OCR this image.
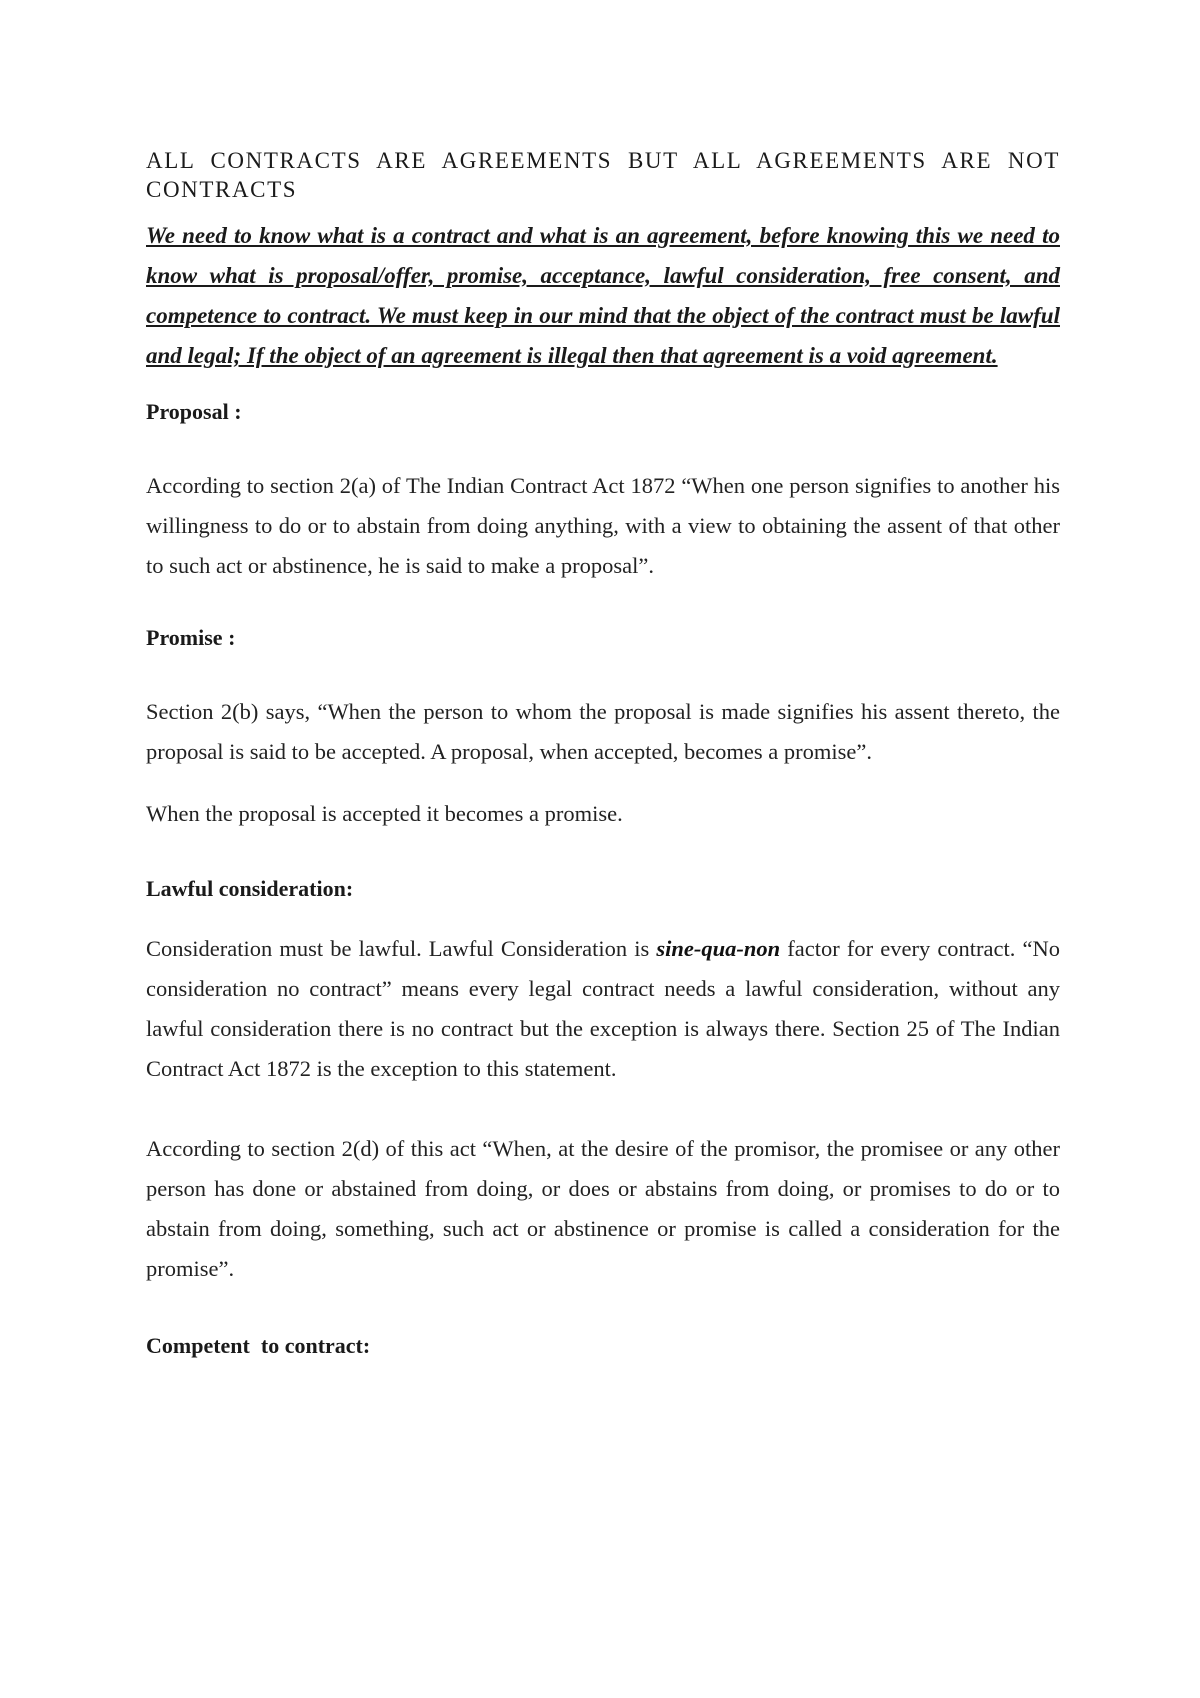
ALL CONTRACTS ARE AGREEMENTS BUT ALL AGREEMENTS ARE NOT CONTRACTS

We need to know what is a contract and what is an agreement, before knowing this we need to know what is proposal/offer, promise, acceptance, lawful consideration, free consent, and competence to contract. We must keep in our mind that the object of the contract must be lawful and legal; If the object of an agreement is illegal then that agreement is a void agreement.

Proposal :

According to section 2(a) of The Indian Contract Act 1872 “When one person signifies to another his willingness to do or to abstain from doing anything, with a view to obtaining the assent of that other to such act or abstinence, he is said to make a proposal”.

Promise :

Section 2(b) says, “When the person to whom the proposal is made signifies his assent thereto, the proposal is said to be accepted. A proposal, when accepted, becomes a promise”.

When the proposal is accepted it becomes a promise.

Lawful consideration:

Consideration must be lawful. Lawful Consideration is sine-qua-non factor for every contract. “No consideration no contract” means every legal contract needs a lawful consideration, without any lawful consideration there is no contract but the exception is always there. Section 25 of The Indian Contract Act 1872 is the exception to this statement.

According to section 2(d) of this act “When, at the desire of the promisor, the promisee or any other person has done or abstained from doing, or does or abstains from doing, or promises to do or to abstain from doing, something, such act or abstinence or promise is called a consideration for the promise”.

Competent  to contract:
